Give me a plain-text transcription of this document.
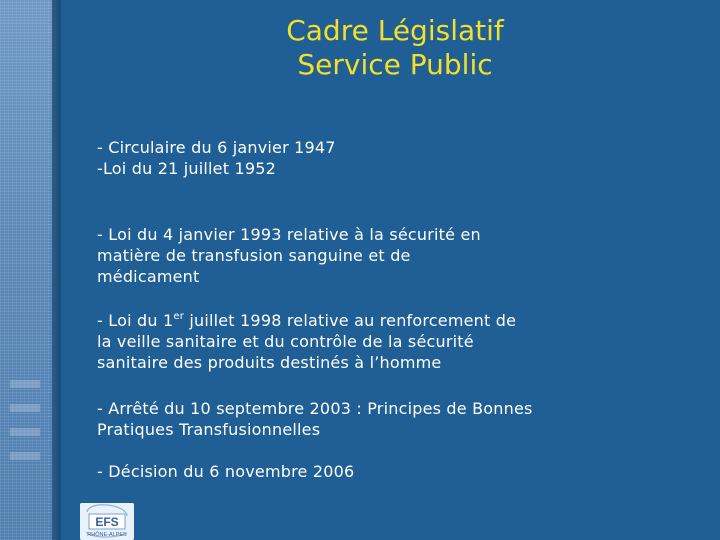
Cadre Législatif
Service Public
- Circulaire du 6 janvier 1947
-Loi du 21 juillet 1952
- Loi du 4 janvier 1993 relative à la sécurité en
matière de transfusion sanguine et de
médicament
- Loi du 1er juillet 1998 relative au renforcement de
la veille sanitaire et du contrôle de la sécurité
sanitaire des produits destinés à l’homme
- Arrêté du 10 septembre 2003 : Principes de Bonnes
Pratiques Transfusionnelles
- Décision du 6 novembre 2006
EFS
RHÔNE-ALPES
